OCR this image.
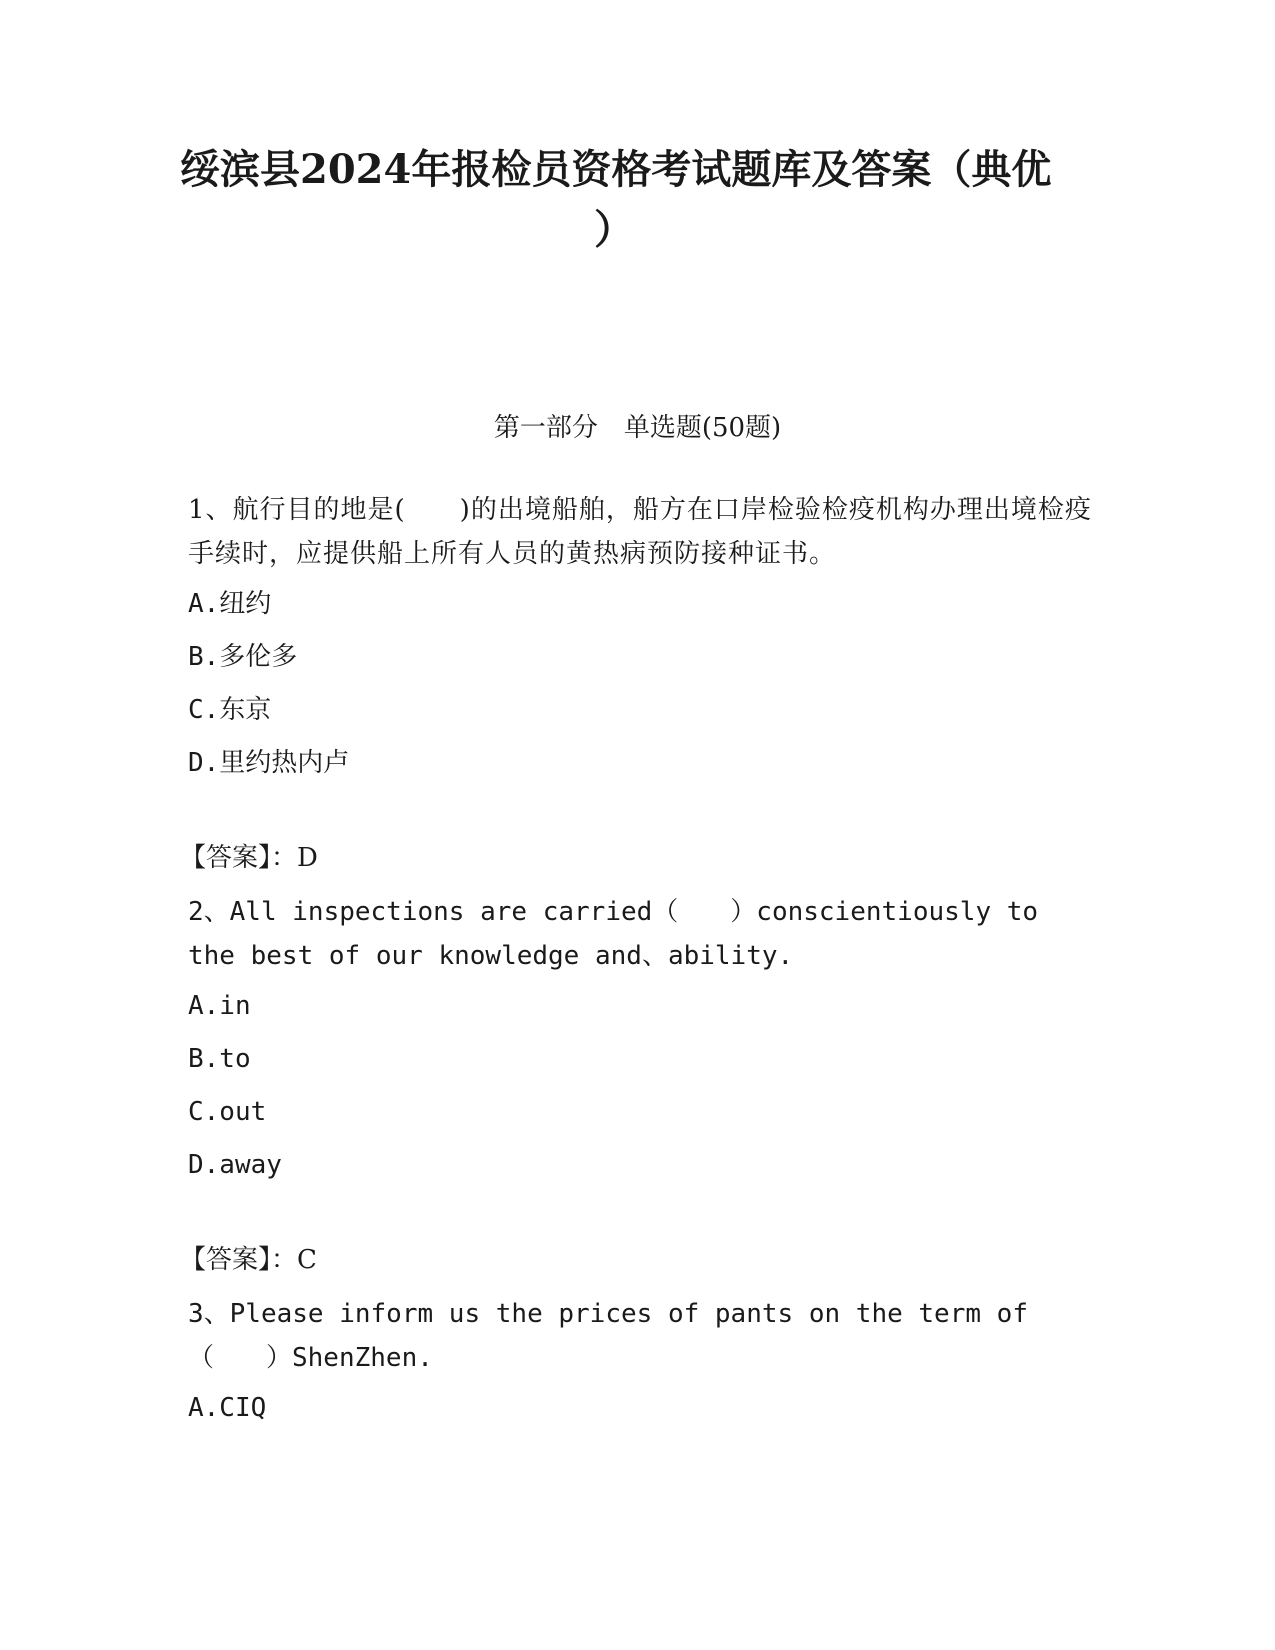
绥滨县2024年报检员资格考试题库及答案（典优
）
第一部分　单选题(50题)
1、航行目的地是(　　)的出境船舶，船方在口岸检验检疫机构办理出境检疫手续时，应提供船上所有人员的黄热病预防接种证书。
A.纽约
B.多伦多
C.东京
D.里约热内卢
【答案】：D
2、All inspections are carried（　　）conscientiously to the best of our knowledge and、ability.
A.in
B.to
C.out
D.away
【答案】：C
3、Please inform us the prices of pants on the term of（　　）ShenZhen.
A.CIQ
